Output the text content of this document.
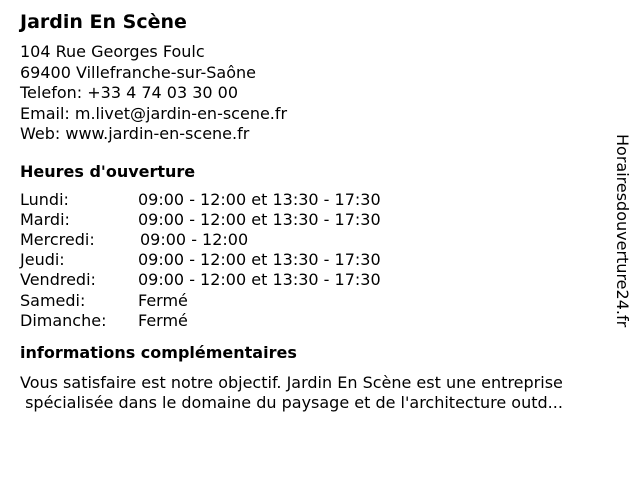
Jardin En Scène
104 Rue Georges Foulc
69400 Villefranche-sur-Saône
Telefon: +33 4 74 03 30 00
Email: m.livet@jardin-en-scene.fr
Web: www.jardin-en-scene.fr
Heures d'ouverture
Lundi:	09:00 - 12:00 et 13:30 - 17:30
Mardi:	09:00 - 12:00 et 13:30 - 17:30
Mercredi:	09:00 - 12:00
Jeudi:	09:00 - 12:00 et 13:30 - 17:30
Vendredi:	09:00 - 12:00 et 13:30 - 17:30
Samedi:	Fermé
Dimanche:	Fermé
informations complémentaires
Vous satisfaire est notre objectif. Jardin En Scène est une entreprise
spécialisée dans le domaine du paysage et de l'architecture outd...
Horairesdouverture24.fr
